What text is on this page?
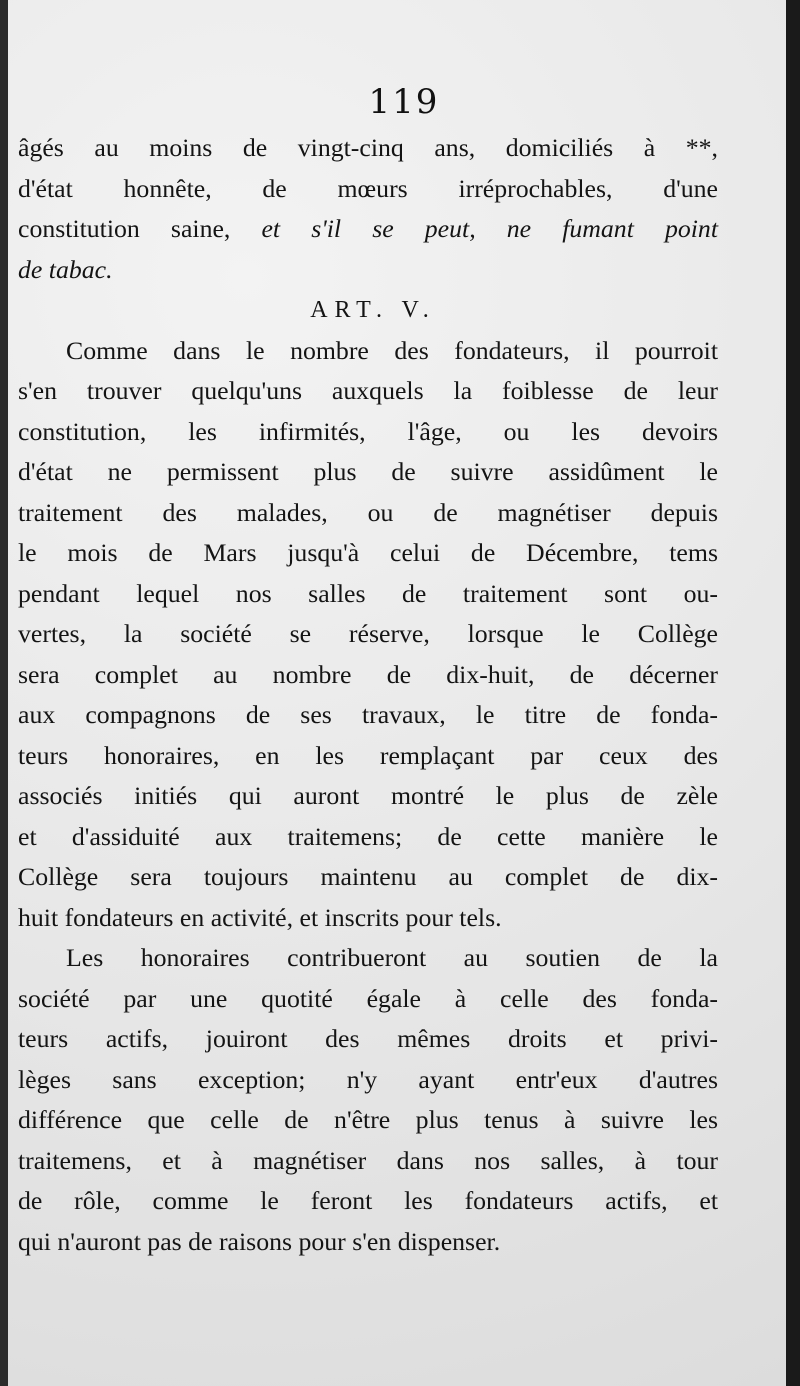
119
âgés au moins de vingt-cinq ans, domiciliés à **,
d'état honnête, de mœurs irréprochables, d'une
constitution saine, et s'il se peut, ne fumant point
de tabac.
ART. V.
Comme dans le nombre des fondateurs, il pourroit
s'en trouver quelqu'uns auxquels la foiblesse de leur
constitution, les infirmités, l'âge, ou les devoirs
d'état ne permissent plus de suivre assidûment le
traitement des malades, ou de magnétiser depuis
le mois de Mars jusqu'à celui de Décembre, tems
pendant lequel nos salles de traitement sont ou-
vertes, la société se réserve, lorsque le Collège
sera complet au nombre de dix-huit, de décerner
aux compagnons de ses travaux, le titre de fonda-
teurs honoraires, en les remplaçant par ceux des
associés initiés qui auront montré le plus de zèle
et d'assiduité aux traitemens; de cette manière le
Collège sera toujours maintenu au complet de dix-
huit fondateurs en activité, et inscrits pour tels.
Les honoraires contribueront au soutien de la
société par une quotité égale à celle des fonda-
teurs actifs, jouiront des mêmes droits et privi-
lèges sans exception; n'y ayant entr'eux d'autres
différence que celle de n'être plus tenus à suivre les
traitemens, et à magnétiser dans nos salles, à tour
de rôle, comme le feront les fondateurs actifs, et
qui n'auront pas de raisons pour s'en dispenser.
